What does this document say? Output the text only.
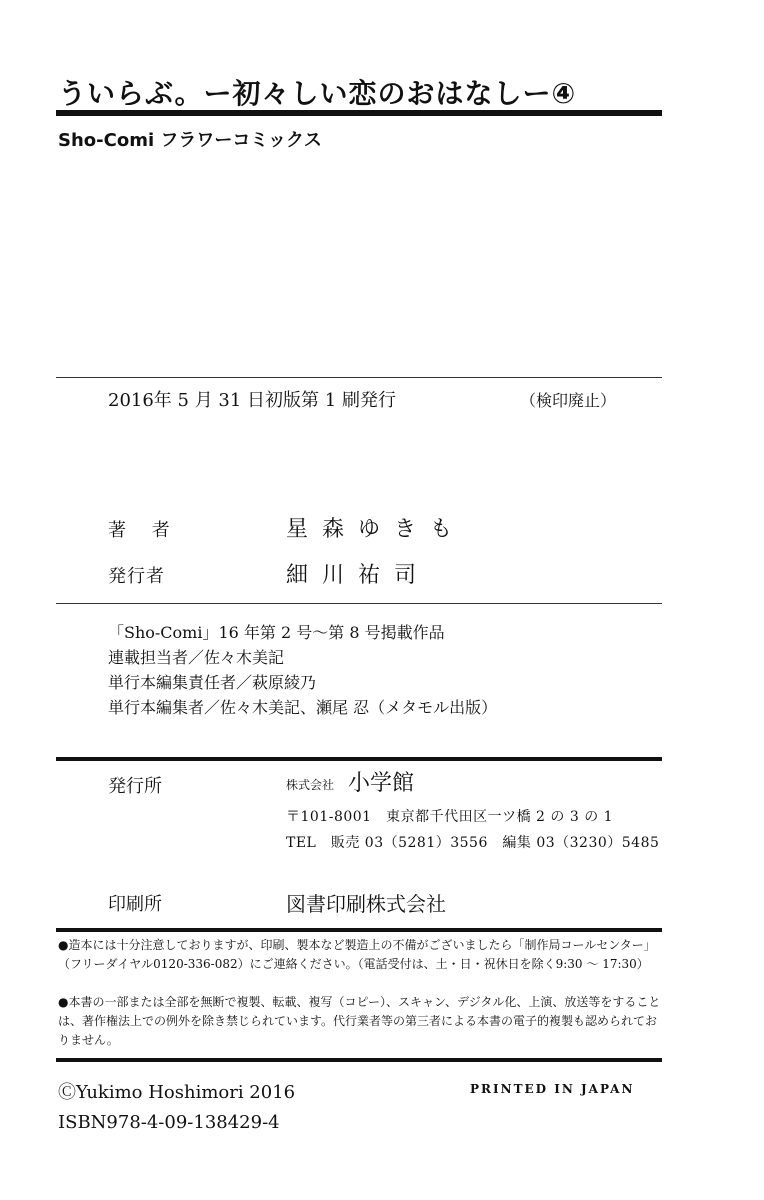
ういらぶ。ー初々しい恋のおはなしー④
Sho-Comi フラワーコミックス
2016年 5 月 31 日初版第 1 刷発行	（検印廃止）
著 者	星森ゆきも
発行者	細川祐司
「Sho-Comi」16 年第 2 号〜第 8 号掲載作品
連載担当者／佐々木美記
単行本編集責任者／萩原綾乃
単行本編集者／佐々木美記、瀬尾 忍（メタモル出版）
発行所	株式会社 小学館
〒101-8001　東京都千代田区一ツ橋 2 の 3 の 1
TEL　販売 03（5281）3556　編集 03（3230）5485
印刷所	図書印刷株式会社
●造本には十分注意しておりますが、印刷、製本など製造上の不備がございましたら「制作局コールセンター」（フリーダイヤル0120-336-082）にご連絡ください。（電話受付は、土・日・祝休日を除く9:30 〜 17:30）
●本書の一部または全部を無断で複製、転載、複写（コピー）、スキャン、デジタル化、上演、放送等をすることは、著作権法上での例外を除き禁じられています。代行業者等の第三者による本書の電子的複製も認められておりません。
ⒸYukimo Hoshimori 2016	PRINTED IN JAPAN
ISBN978-4-09-138429-4
